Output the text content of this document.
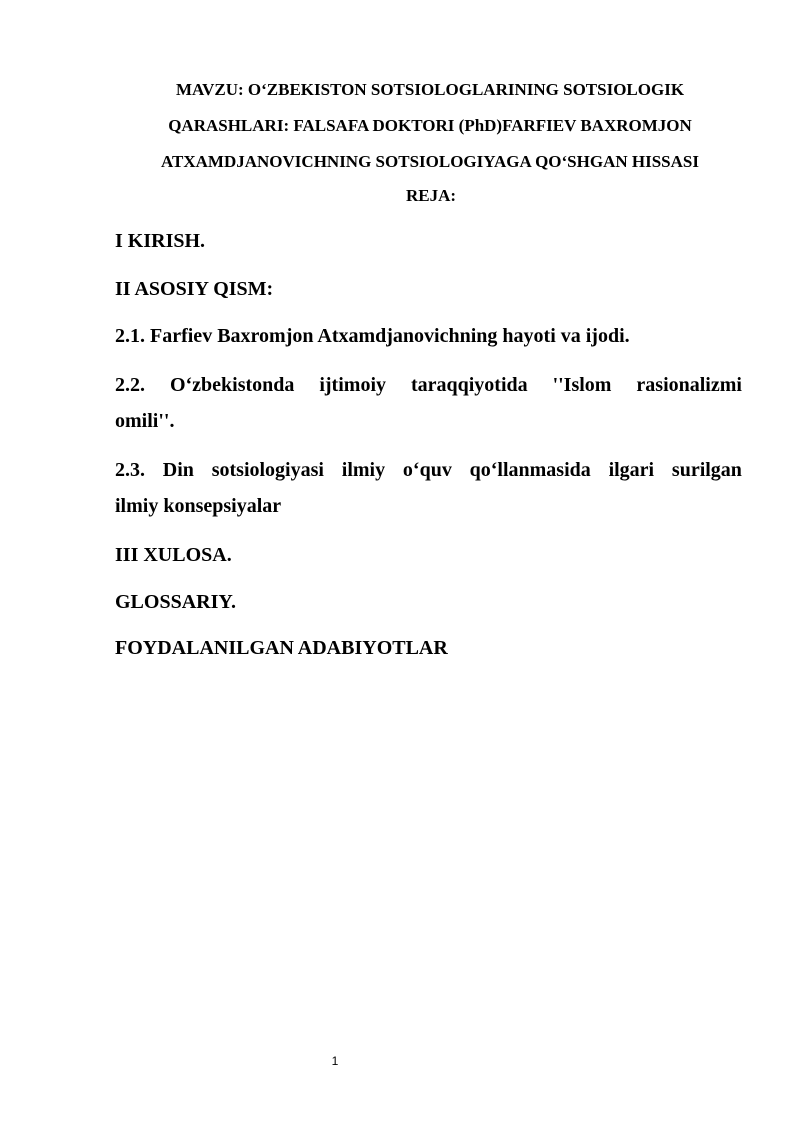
MAVZU: O‘ZBEKISTON SOTSIOLOGLARINING SOTSIOLOGIK
QARASHLARI: FALSAFA DOKTORI (PhD)FARFIEV BAXROMJON
ATXAMDJANOVICHNING SOTSIOLOGIYAGA QO‘SHGAN HISSASI
REJA:
I KIRISH.
II ASOSIY QISM:
2.1. Farfiev Baxromjon Atxamdjanovichning hayoti va ijodi.
2.2. O‘zbekistonda ijtimoiy taraqqiyotida ''Islom rasionalizmi
omili''.
2.3. Din sotsiologiyasi ilmiy o‘quv qo‘llanmasida ilgari surilgan
ilmiy konsepsiyalar
III XULOSA.
GLOSSARIY.
FOYDALANILGAN ADABIYOTLAR
1
